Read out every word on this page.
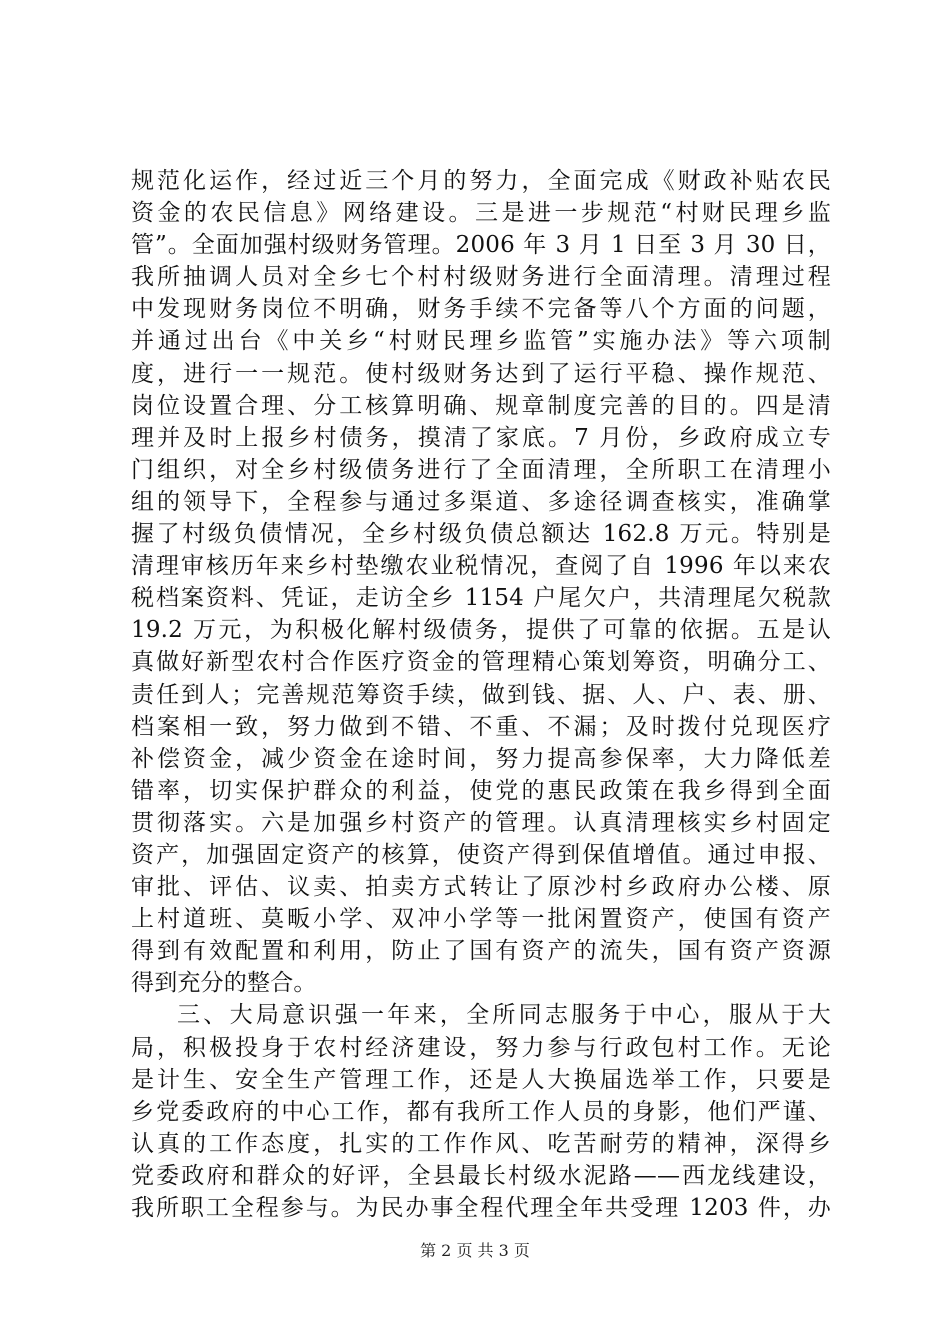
规范化运作，经过近三个月的努力，全面完成《财政补贴农民
资金的农民信息》网络建设。三是进一步规范“村财民理乡监
管”。全面加强村级财务管理。2006 年 3 月 1 日至 3 月 30 日，
我所抽调人员对全乡七个村村级财务进行全面清理。清理过程
中发现财务岗位不明确，财务手续不完备等八个方面的问题，
并通过出台《中关乡“村财民理乡监管”实施办法》等六项制
度，进行一一规范。使村级财务达到了运行平稳、操作规范、
岗位设置合理、分工核算明确、规章制度完善的目的。四是清
理并及时上报乡村债务，摸清了家底。7 月份，乡政府成立专
门组织，对全乡村级债务进行了全面清理，全所职工在清理小
组的领导下，全程参与通过多渠道、多途径调查核实，准确掌
握了村级负债情况，全乡村级负债总额达 162.8 万元。特别是
清理审核历年来乡村垫缴农业税情况，查阅了自 1996 年以来农
税档案资料、凭证，走访全乡 1154 户尾欠户，共清理尾欠税款
19.2 万元，为积极化解村级债务，提供了可靠的依据。五是认
真做好新型农村合作医疗资金的管理精心策划筹资，明确分工、
责任到人；完善规范筹资手续，做到钱、据、人、户、表、册、
档案相一致，努力做到不错、不重、不漏；及时拨付兑现医疗
补偿资金，减少资金在途时间，努力提高参保率，大力降低差
错率，切实保护群众的利益，使党的惠民政策在我乡得到全面
贯彻落实。六是加强乡村资产的管理。认真清理核实乡村固定
资产，加强固定资产的核算，使资产得到保值增值。通过申报、
审批、评估、议卖、拍卖方式转让了原沙村乡政府办公楼、原
上村道班、莫畈小学、双冲小学等一批闲置资产，使国有资产
得到有效配置和利用，防止了国有资产的流失，国有资产资源
得到充分的整合。
三、大局意识强一年来，全所同志服务于中心，服从于大
局，积极投身于农村经济建设，努力参与行政包村工作。无论
是计生、安全生产管理工作，还是人大换届选举工作，只要是
乡党委政府的中心工作，都有我所工作人员的身影，他们严谨、
认真的工作态度，扎实的工作作风、吃苦耐劳的精神，深得乡
党委政府和群众的好评，全县最长村级水泥路——西龙线建设，
我所职工全程参与。为民办事全程代理全年共受理 1203 件，办
第 2 页 共 3 页
